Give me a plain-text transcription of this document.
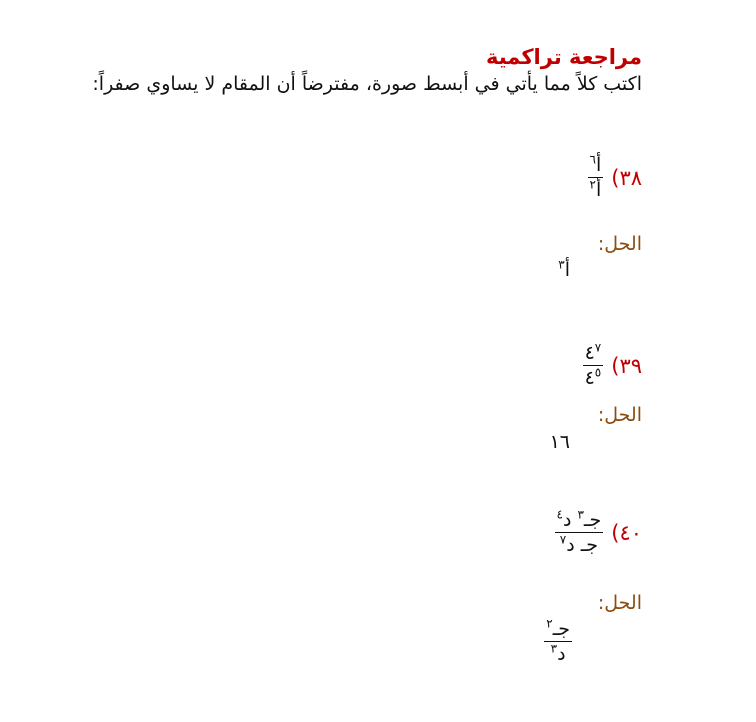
مراجعة تراكمية
اكتب كلاً مما يأتي في أبسط صورة، مفترضاً أن المقام لا يساوي صفراً:
٣٨)
$\frac{أ^٦}{أ^٢}$
الحل:
أ$^٣$
٣٩)
$\frac{٤^٧}{٤^٥}$
الحل:
١٦
٤٠)
$\frac{جـ^٣ د^٤}{جـ د^٧}$
الحل:
$\frac{جـ^٢}{د^٣}$
